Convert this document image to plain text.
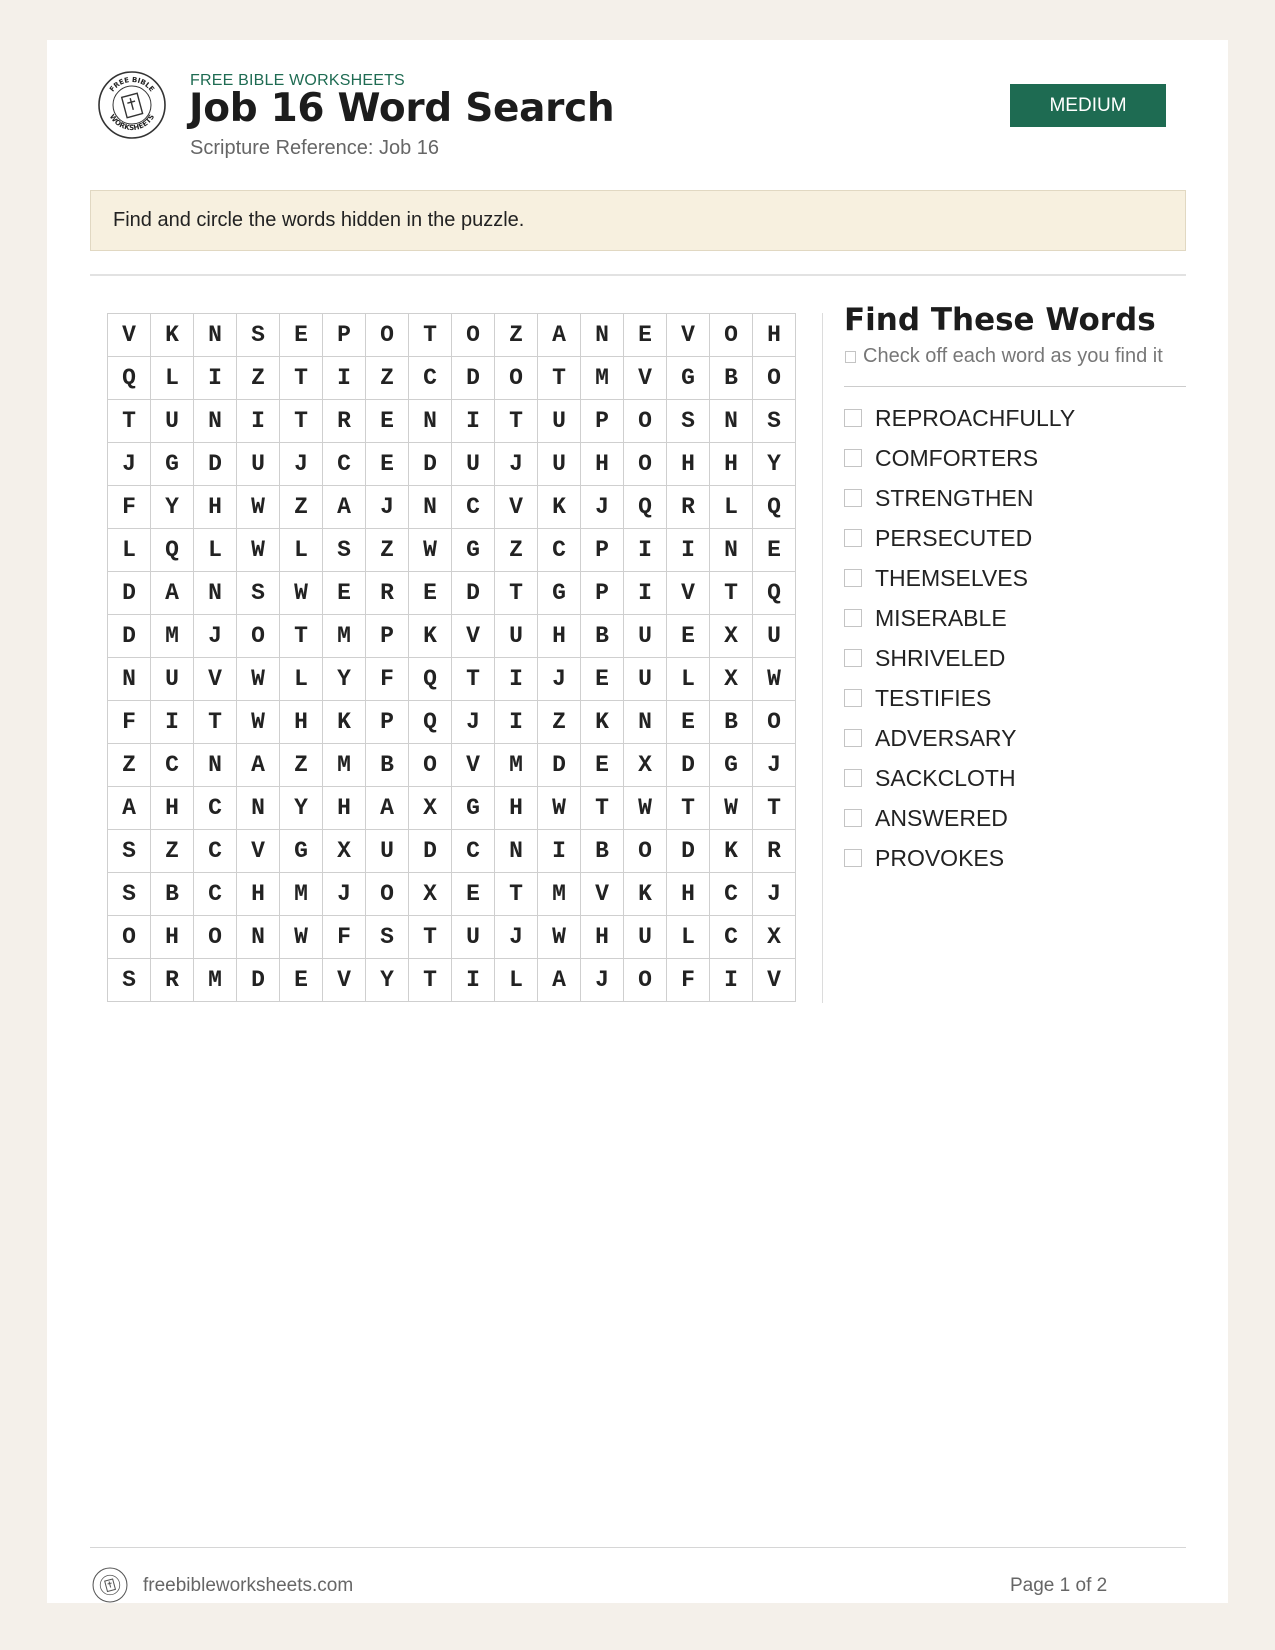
FREE BIBLE
WORKSHEETS
FREE BIBLE WORKSHEETS
Job 16 Word Search
Scripture Reference: Job 16
MEDIUM
Find and circle the words hidden in the puzzle.
V	K	N	S	E	P	O	T	O	Z	A	N	E	V	O	H
Q	L	I	Z	T	I	Z	C	D	O	T	M	V	G	B	O
T	U	N	I	T	R	E	N	I	T	U	P	O	S	N	S
J	G	D	U	J	C	E	D	U	J	U	H	O	H	H	Y
F	Y	H	W	Z	A	J	N	C	V	K	J	Q	R	L	Q
L	Q	L	W	L	S	Z	W	G	Z	C	P	I	I	N	E
D	A	N	S	W	E	R	E	D	T	G	P	I	V	T	Q
D	M	J	O	T	M	P	K	V	U	H	B	U	E	X	U
N	U	V	W	L	Y	F	Q	T	I	J	E	U	L	X	W
F	I	T	W	H	K	P	Q	J	I	Z	K	N	E	B	O
Z	C	N	A	Z	M	B	O	V	M	D	E	X	D	G	J
A	H	C	N	Y	H	A	X	G	H	W	T	W	T	W	T
S	Z	C	V	G	X	U	D	C	N	I	B	O	D	K	R
S	B	C	H	M	J	O	X	E	T	M	V	K	H	C	J
O	H	O	N	W	F	S	T	U	J	W	H	U	L	C	X
S	R	M	D	E	V	Y	T	I	L	A	J	O	F	I	V
Find These Words
Check off each word as you find it
REPROACHFULLY
COMFORTERS
STRENGTHEN
PERSECUTED
THEMSELVES
MISERABLE
SHRIVELED
TESTIFIES
ADVERSARY
SACKCLOTH
ANSWERED
PROVOKES
freebibleworksheets.com	Page 1 of 2
